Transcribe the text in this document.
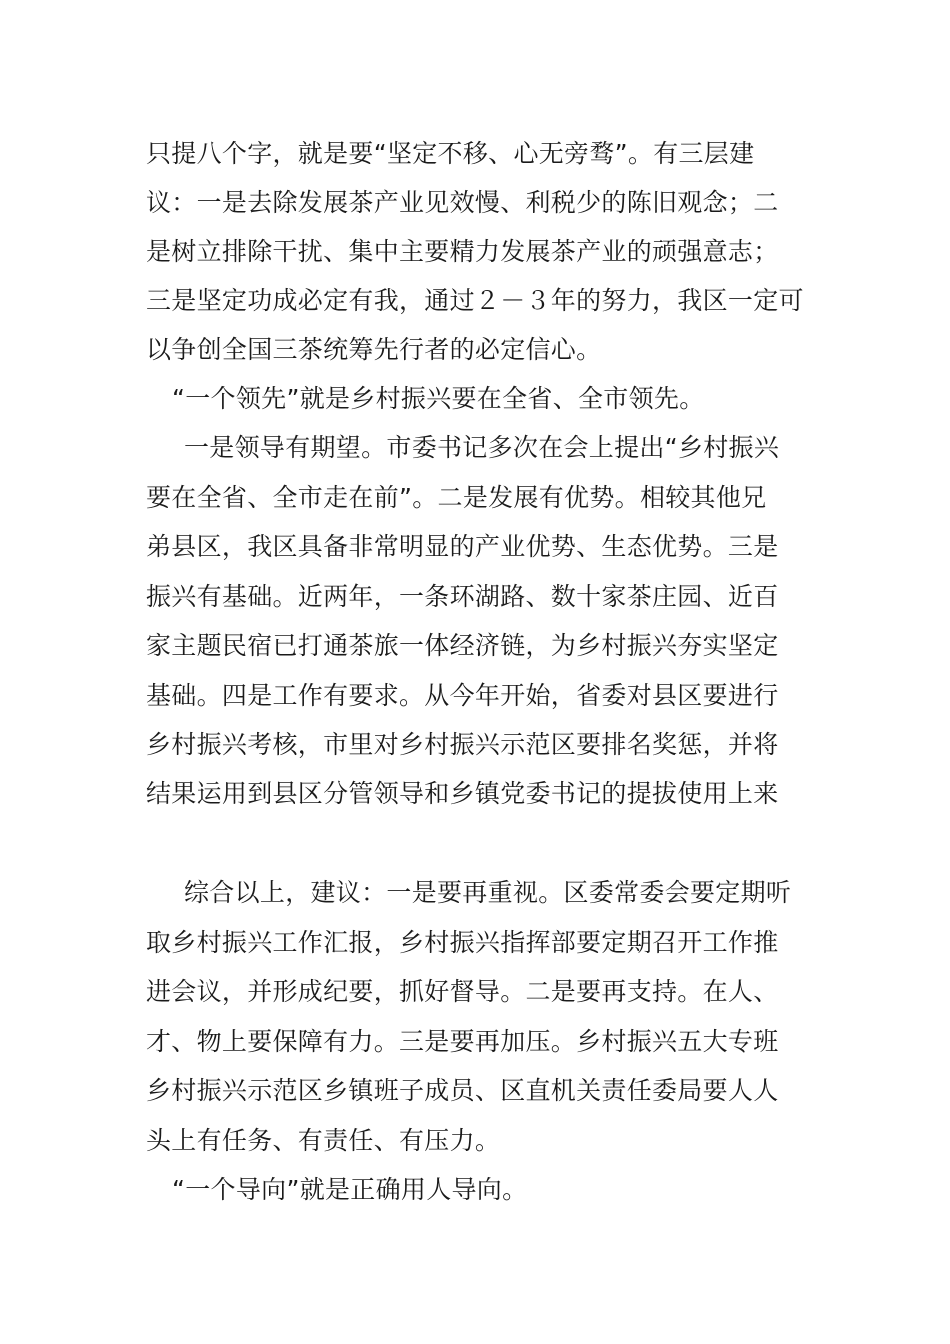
只提八个字，就是要“坚定不移、心无旁骛”。有三层建
议：一是去除发展茶产业见效慢、利税少的陈旧观念；二
是树立排除干扰、集中主要精力发展茶产业的顽强意志；
三是坚定功成必定有我，通过２－３年的努力，我区一定可
以争创全国三茶统筹先行者的必定信心。
“一个领先”就是乡村振兴要在全省、全市领先。
一是领导有期望。市委书记多次在会上提出“乡村振兴
要在全省、全市走在前”。二是发展有优势。相较其他兄
弟县区，我区具备非常明显的产业优势、生态优势。三是
振兴有基础。近两年，一条环湖路、数十家茶庄园、近百
家主题民宿已打通茶旅一体经济链，为乡村振兴夯实坚定
基础。四是工作有要求。从今年开始，省委对县区要进行
乡村振兴考核，市里对乡村振兴示范区要排名奖惩，并将
结果运用到县区分管领导和乡镇党委书记的提拔使用上来
综合以上，建议：一是要再重视。区委常委会要定期听
取乡村振兴工作汇报，乡村振兴指挥部要定期召开工作推
进会议，并形成纪要，抓好督导。二是要再支持。在人、
才、物上要保障有力。三是要再加压。乡村振兴五大专班
乡村振兴示范区乡镇班子成员、区直机关责任委局要人人
头上有任务、有责任、有压力。
“一个导向”就是正确用人导向。
